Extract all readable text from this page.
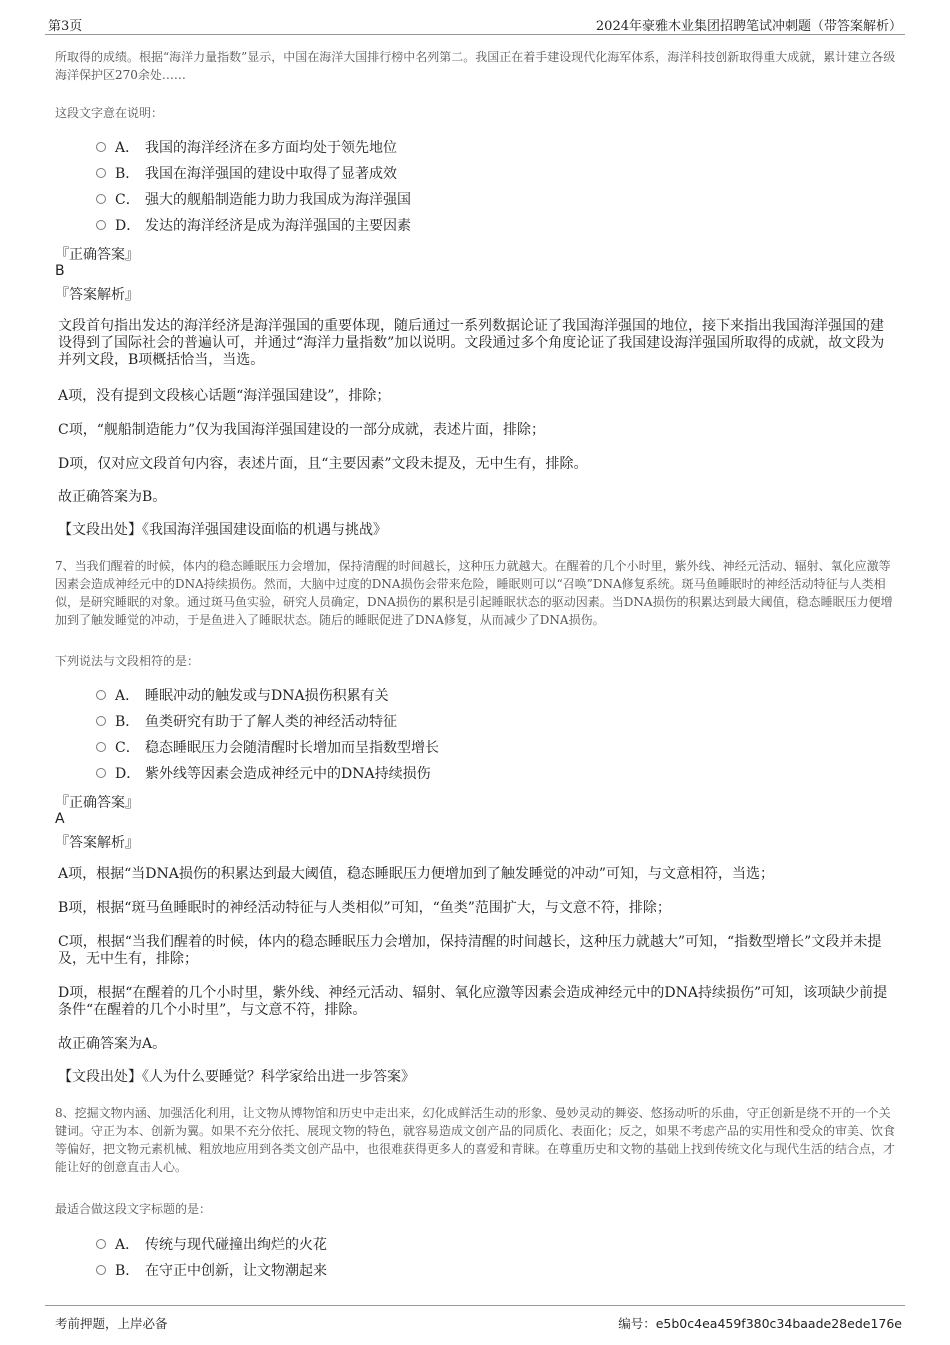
第3页	2024年豪雅木业集团招聘笔试冲刺题（带答案解析）
所取得的成绩。根据“海洋力量指数”显示，中国在海洋大国排行榜中名列第二。我国正在着手建设现代化海军体系，海洋科技创新取得重大成就，累计建立各级海洋保护区270余处……
这段文字意在说明：
A． 我国的海洋经济在多方面均处于领先地位
B． 我国在海洋强国的建设中取得了显著成效
C． 强大的舰船制造能力助力我国成为海洋强国
D． 发达的海洋经济是成为海洋强国的主要因素
『正确答案』
B
『答案解析』
文段首句指出发达的海洋经济是海洋强国的重要体现，随后通过一系列数据论证了我国海洋强国的地位，接下来指出我国海洋强国的建设得到了国际社会的普遍认可，并通过“海洋力量指数”加以说明。文段通过多个角度论证了我国建设海洋强国所取得的成就，故文段为并列文段，B项概括恰当，当选。
A项，没有提到文段核心话题“海洋强国建设”，排除；
C项，“舰船制造能力”仅为我国海洋强国建设的一部分成就，表述片面，排除；
D项，仅对应文段首句内容，表述片面，且“主要因素”文段未提及，无中生有，排除。
故正确答案为B。
【文段出处】《我国海洋强国建设面临的机遇与挑战》
7、当我们醒着的时候，体内的稳态睡眠压力会增加，保持清醒的时间越长，这种压力就越大。在醒着的几个小时里，紫外线、神经元活动、辐射、氧化应激等因素会造成神经元中的DNA持续损伤。然而，大脑中过度的DNA损伤会带来危险，睡眠则可以“召唤”DNA修复系统。斑马鱼睡眠时的神经活动特征与人类相似，是研究睡眠的对象。通过斑马鱼实验，研究人员确定，DNA损伤的累积是引起睡眠状态的驱动因素。当DNA损伤的积累达到最大阈值，稳态睡眠压力便增加到了触发睡觉的冲动，于是鱼进入了睡眠状态。随后的睡眠促进了DNA修复，从而减少了DNA损伤。
下列说法与文段相符的是：
A． 睡眠冲动的触发或与DNA损伤积累有关
B． 鱼类研究有助于了解人类的神经活动特征
C． 稳态睡眠压力会随清醒时长增加而呈指数型增长
D． 紫外线等因素会造成神经元中的DNA持续损伤
『正确答案』
A
『答案解析』
A项，根据“当DNA损伤的积累达到最大阈值，稳态睡眠压力便增加到了触发睡觉的冲动”可知，与文意相符，当选；
B项，根据“斑马鱼睡眠时的神经活动特征与人类相似”可知，“鱼类”范围扩大，与文意不符，排除；
C项，根据“当我们醒着的时候，体内的稳态睡眠压力会增加，保持清醒的时间越长，这种压力就越大”可知，“指数型增长”文段并未提及，无中生有，排除；
D项，根据“在醒着的几个小时里，紫外线、神经元活动、辐射、氧化应激等因素会造成神经元中的DNA持续损伤”可知，该项缺少前提条件“在醒着的几个小时里”，与文意不符，排除。
故正确答案为A。
【文段出处】《人为什么要睡觉？科学家给出进一步答案》
8、挖掘文物内涵、加强活化利用，让文物从博物馆和历史中走出来，幻化成鲜活生动的形象、曼妙灵动的舞姿、悠扬动听的乐曲，守正创新是绕不开的一个关键词。守正为本、创新为翼。如果不充分依托、展现文物的特色，就容易造成文创产品的同质化、表面化；反之，如果不考虑产品的实用性和受众的审美、饮食等偏好，把文物元素机械、粗放地应用到各类文创产品中，也很难获得更多人的喜爱和青睐。在尊重历史和文物的基础上找到传统文化与现代生活的结合点，才能让好的创意直击人心。
最适合做这段文字标题的是：
A． 传统与现代碰撞出绚烂的火花
B． 在守正中创新，让文物潮起来
考前押题，上岸必备	编号：e5b0c4ea459f380c34baade28ede176e
